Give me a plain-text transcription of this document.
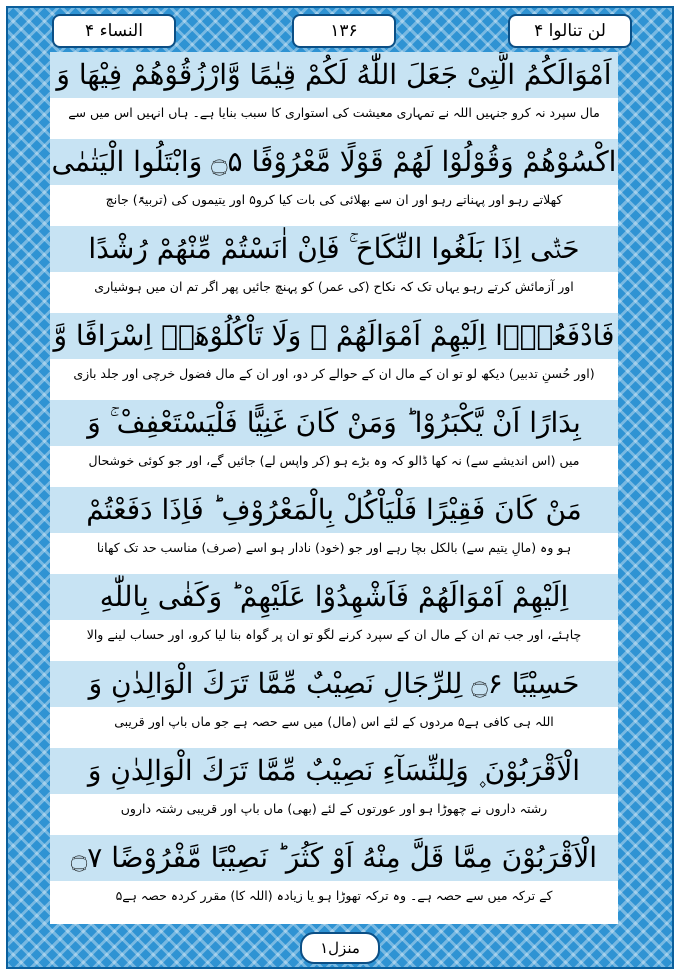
لن تنالوا ۴
۱۳۶
النساء ۴
اَمْوَالَكُمُ الَّتِیْ جَعَلَ اللّٰهُ لَكُمْ قِیٰمًا وَّارْزُقُوْهُمْ فِیْهَا وَ
مال سپرد نہ کرو جنہیں اللہ نے تمہاری معیشت کی استواری کا سبب بنایا ہے۔ ہاں انہیں اس میں سے
اكْسُوْهُمْ وَقُوْلُوْا لَهُمْ قَوْلًا مَّعْرُوْفًا ۝۵ وَابْتَلُوا الْیَتٰمٰی
کھلاتے رہو اور پہناتے رہو اور ان سے بھلائی کی بات کیا کرو۵ اور یتیموں کی (تربیۃً) جانچ
حَتّٰۤی اِذَا بَلَغُوا النِّكَاحَ ۚ فَاِنْ اٰنَسْتُمْ مِّنْهُمْ رُشْدًا
اور آزمائش کرتے رہو یہاں تک کہ نکاح (کی عمر) کو پہنچ جائیں پھر اگر تم ان میں ہوشیاری
فَادْفَعُوْۤا اِلَیْهِمْ اَمْوَالَهُمْ ۚ وَلَا تَاْكُلُوْهَاۤ اِسْرَافًا وَّ
(اور حُسنِ تدبیر) دیکھ لو تو ان کے مال ان کے حوالے کر دو، اور ان کے مال فضول خرچی اور جلد بازی
بِدَارًا اَنْ یَّكْبَرُوْا ؕ وَمَنْ كَانَ غَنِیًّا فَلْیَسْتَعْفِفْ ۚ وَ
میں (اس اندیشے سے) نہ کھا ڈالو کہ وہ بڑے ہو (کر واپس لے) جائیں گے، اور جو کوئی خوشحال
مَنْ كَانَ فَقِیْرًا فَلْیَاْكُلْ بِالْمَعْرُوْفِ ؕ فَاِذَا دَفَعْتُمْ
ہو وہ (مالِ یتیم سے) بالکل بچا رہے اور جو (خود) نادار ہو اسے (صرف) مناسب حد تک کھانا
اِلَیْهِمْ اَمْوَالَهُمْ فَاَشْهِدُوْا عَلَیْهِمْ ؕ وَكَفٰی بِاللّٰهِ
چاہئے، اور جب تم ان کے مال ان کے سپرد کرنے لگو تو ان پر گواہ بنا لیا کرو، اور حساب لینے والا
حَسِیْبًا ۝۶ لِلرِّجَالِ نَصِیْبٌ مِّمَّا تَرَكَ الْوَالِدٰنِ وَ
اللہ ہی کافی ہے۵ مردوں کے لئے اس (مال) میں سے حصہ ہے جو ماں باپ اور قریبی
الْاَقْرَبُوْنَ ۪ وَلِلنِّسَآءِ نَصِیْبٌ مِّمَّا تَرَكَ الْوَالِدٰنِ وَ
رشتہ داروں نے چھوڑا ہو اور عورتوں کے لئے (بھی) ماں باپ اور قریبی رشتہ داروں
الْاَقْرَبُوْنَ مِمَّا قَلَّ مِنْهُ اَوْ كَثُرَ ؕ نَصِیْبًا مَّفْرُوْضًا ۝۷
کے ترکہ میں سے حصہ ہے۔ وہ ترکہ تھوڑا ہو یا زیادہ (اللہ کا) مقرر کردہ حصہ ہے۵
منزل۱
